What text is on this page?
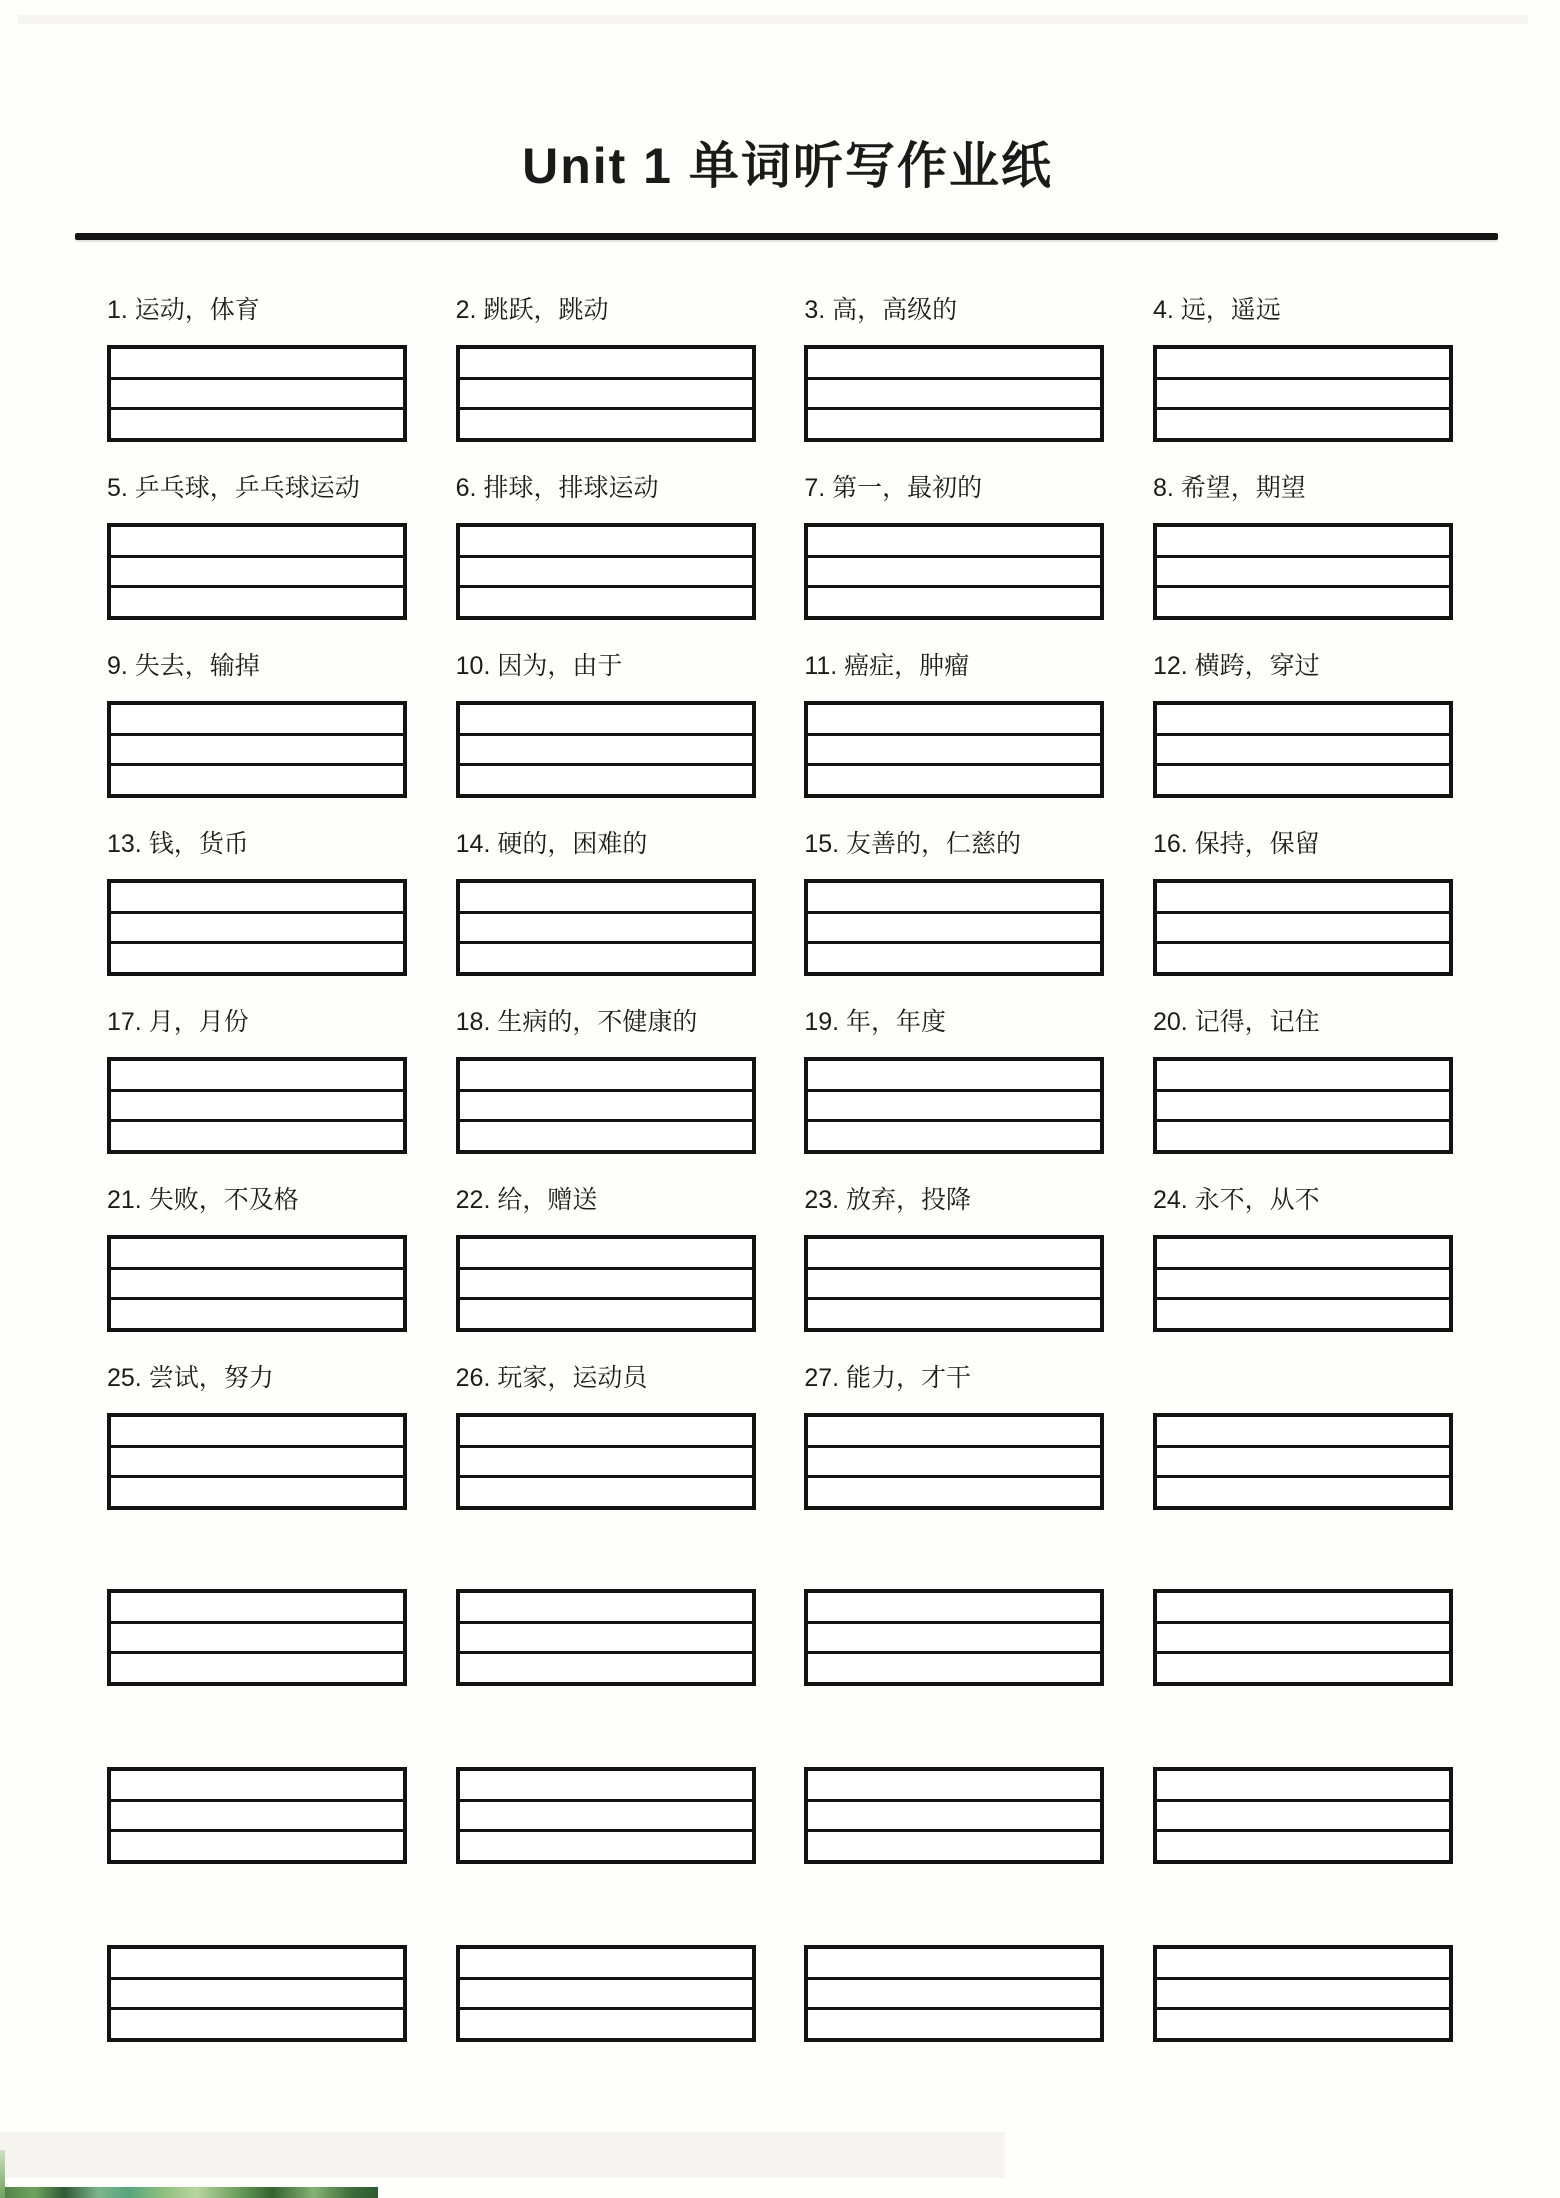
Unit 1 单词听写作业纸
1. 运动，体育	2. 跳跃，跳动	3. 高，高级的	4. 远，遥远
5. 乒乓球，乒乓球运动	6. 排球，排球运动	7. 第一，最初的	8. 希望，期望
9. 失去，输掉	10. 因为，由于	11. 癌症，肿瘤	12. 横跨，穿过
13. 钱，货币	14. 硬的，困难的	15. 友善的，仁慈的	16. 保持，保留
17. 月，月份	18. 生病的，不健康的	19. 年，年度	20. 记得，记住
21. 失败，不及格	22. 给，赠送	23. 放弃，投降	24. 永不，从不
25. 尝试，努力	26. 玩家，运动员	27. 能力，才干
